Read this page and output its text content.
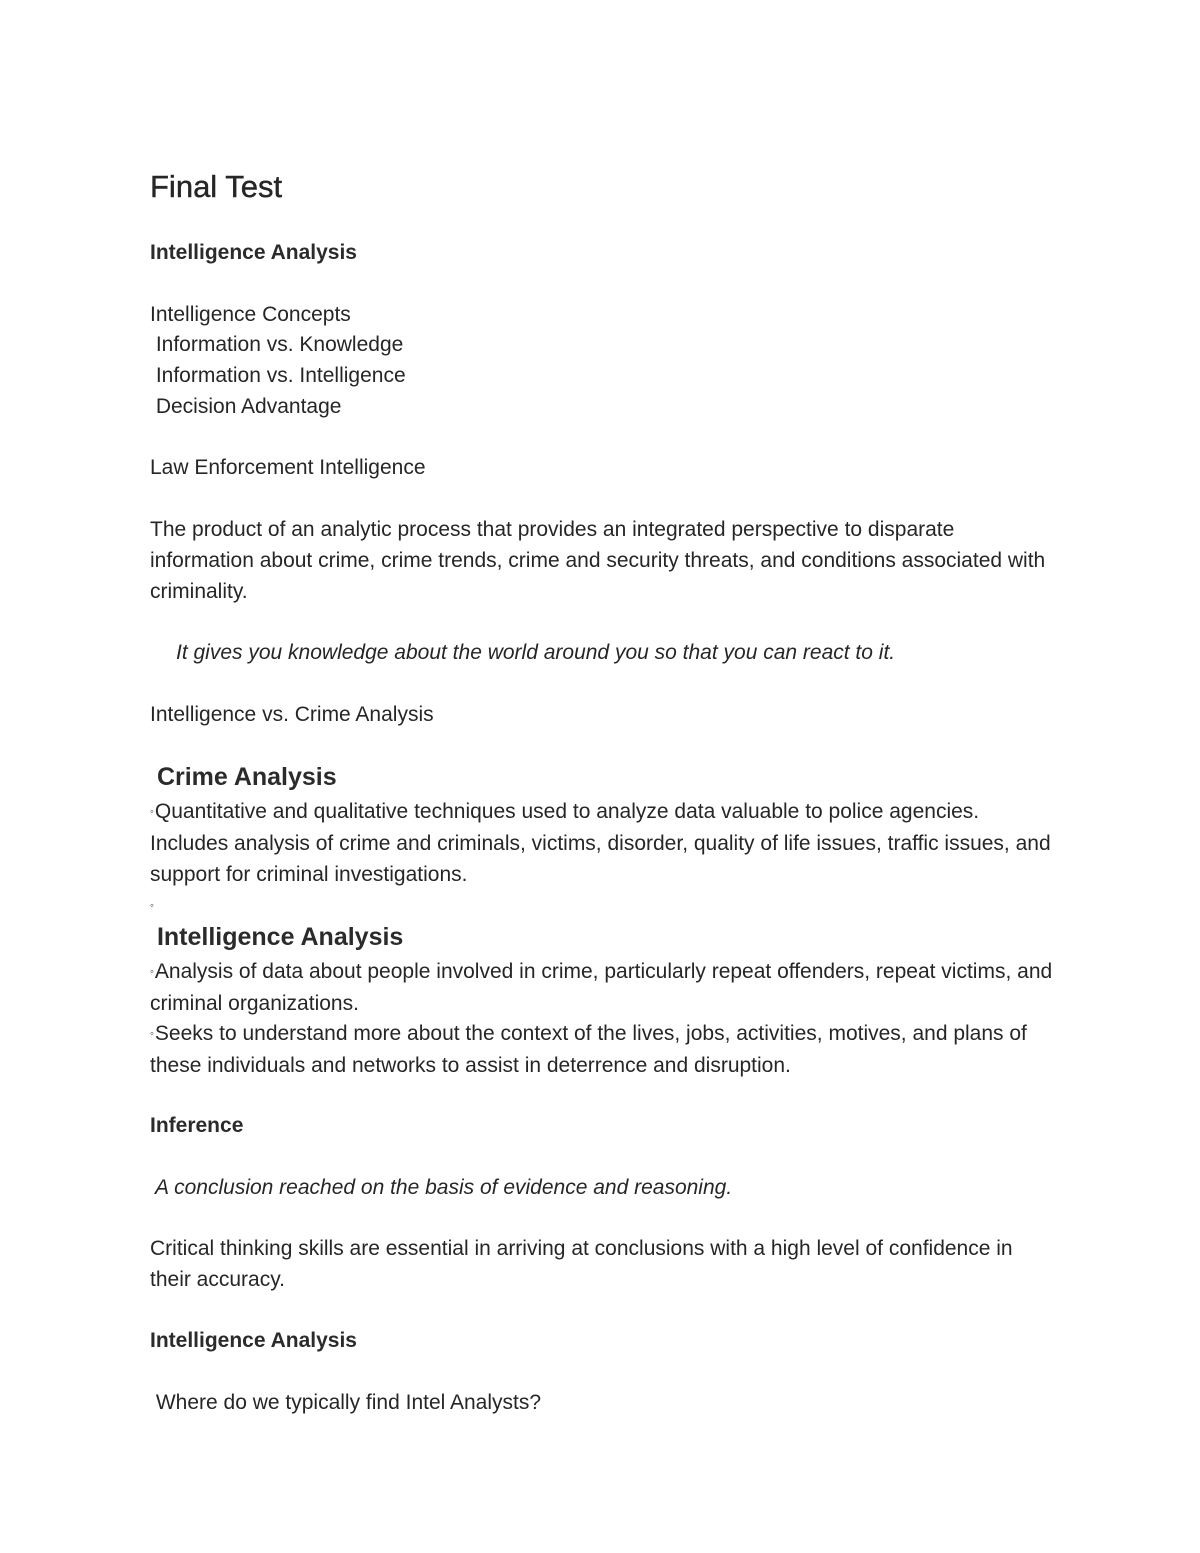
Final Test
Intelligence Analysis
Intelligence Concepts
Information vs. Knowledge
Information vs. Intelligence
Decision Advantage
Law Enforcement Intelligence
The product of an analytic process that provides an integrated perspective to disparate information about crime, crime trends, crime and security threats, and conditions associated with criminality.
It gives you knowledge about the world around you so that you can react to it.
Intelligence vs. Crime Analysis
Crime Analysis
◦Quantitative and qualitative techniques used to analyze data valuable to police agencies. Includes analysis of crime and criminals, victims, disorder, quality of life issues, traffic issues, and support for criminal investigations.
◦
Intelligence Analysis
◦Analysis of data about people involved in crime, particularly repeat offenders, repeat victims, and criminal organizations.
◦Seeks to understand more about the context of the lives, jobs, activities, motives, and plans of these individuals and networks to assist in deterrence and disruption.
Inference
A conclusion reached on the basis of evidence and reasoning.
Critical thinking skills are essential in arriving at conclusions with a high level of confidence in their accuracy.
Intelligence Analysis
Where do we typically find Intel Analysts?
